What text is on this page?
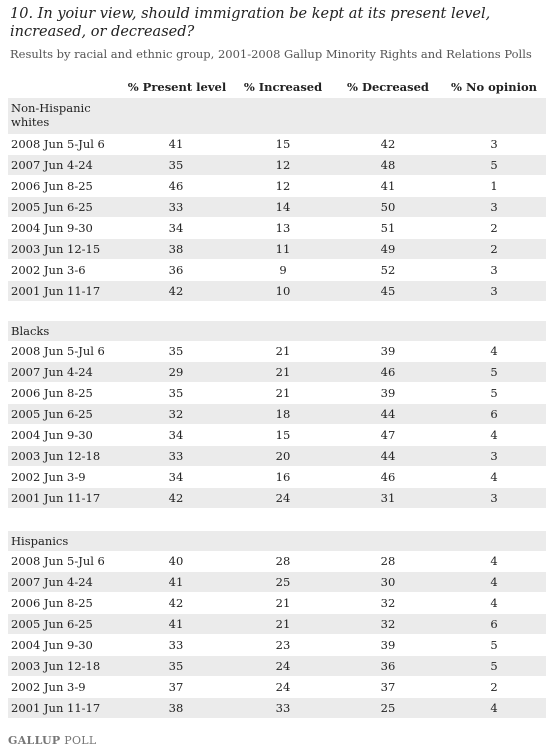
10. In yoiur view, should immigration be kept at its present level, increased, or decreased?
Results by racial and ethnic group, 2001-2008 Gallup Minority Rights and Relations Polls
% Present level	% Increased	% Decreased	% No opinion
Non-Hispanic whites
2008 Jun 5-Jul 6	41	15	42	3
2007 Jun 4-24	35	12	48	5
2006 Jun 8-25	46	12	41	1
2005 Jun 6-25	33	14	50	3
2004 Jun 9-30	34	13	51	2
2003 Jun 12-15	38	11	49	2
2002 Jun 3-6	36	9	52	3
2001 Jun 11-17	42	10	45	3
Blacks
2008 Jun 5-Jul 6	35	21	39	4
2007 Jun 4-24	29	21	46	5
2006 Jun 8-25	35	21	39	5
2005 Jun 6-25	32	18	44	6
2004 Jun 9-30	34	15	47	4
2003 Jun 12-18	33	20	44	3
2002 Jun 3-9	34	16	46	4
2001 Jun 11-17	42	24	31	3
Hispanics
2008 Jun 5-Jul 6	40	28	28	4
2007 Jun 4-24	41	25	30	4
2006 Jun 8-25	42	21	32	4
2005 Jun 6-25	41	21	32	6
2004 Jun 9-30	33	23	39	5
2003 Jun 12-18	35	24	36	5
2002 Jun 3-9	37	24	37	2
2001 Jun 11-17	38	33	25	4
GALLUP POLL
